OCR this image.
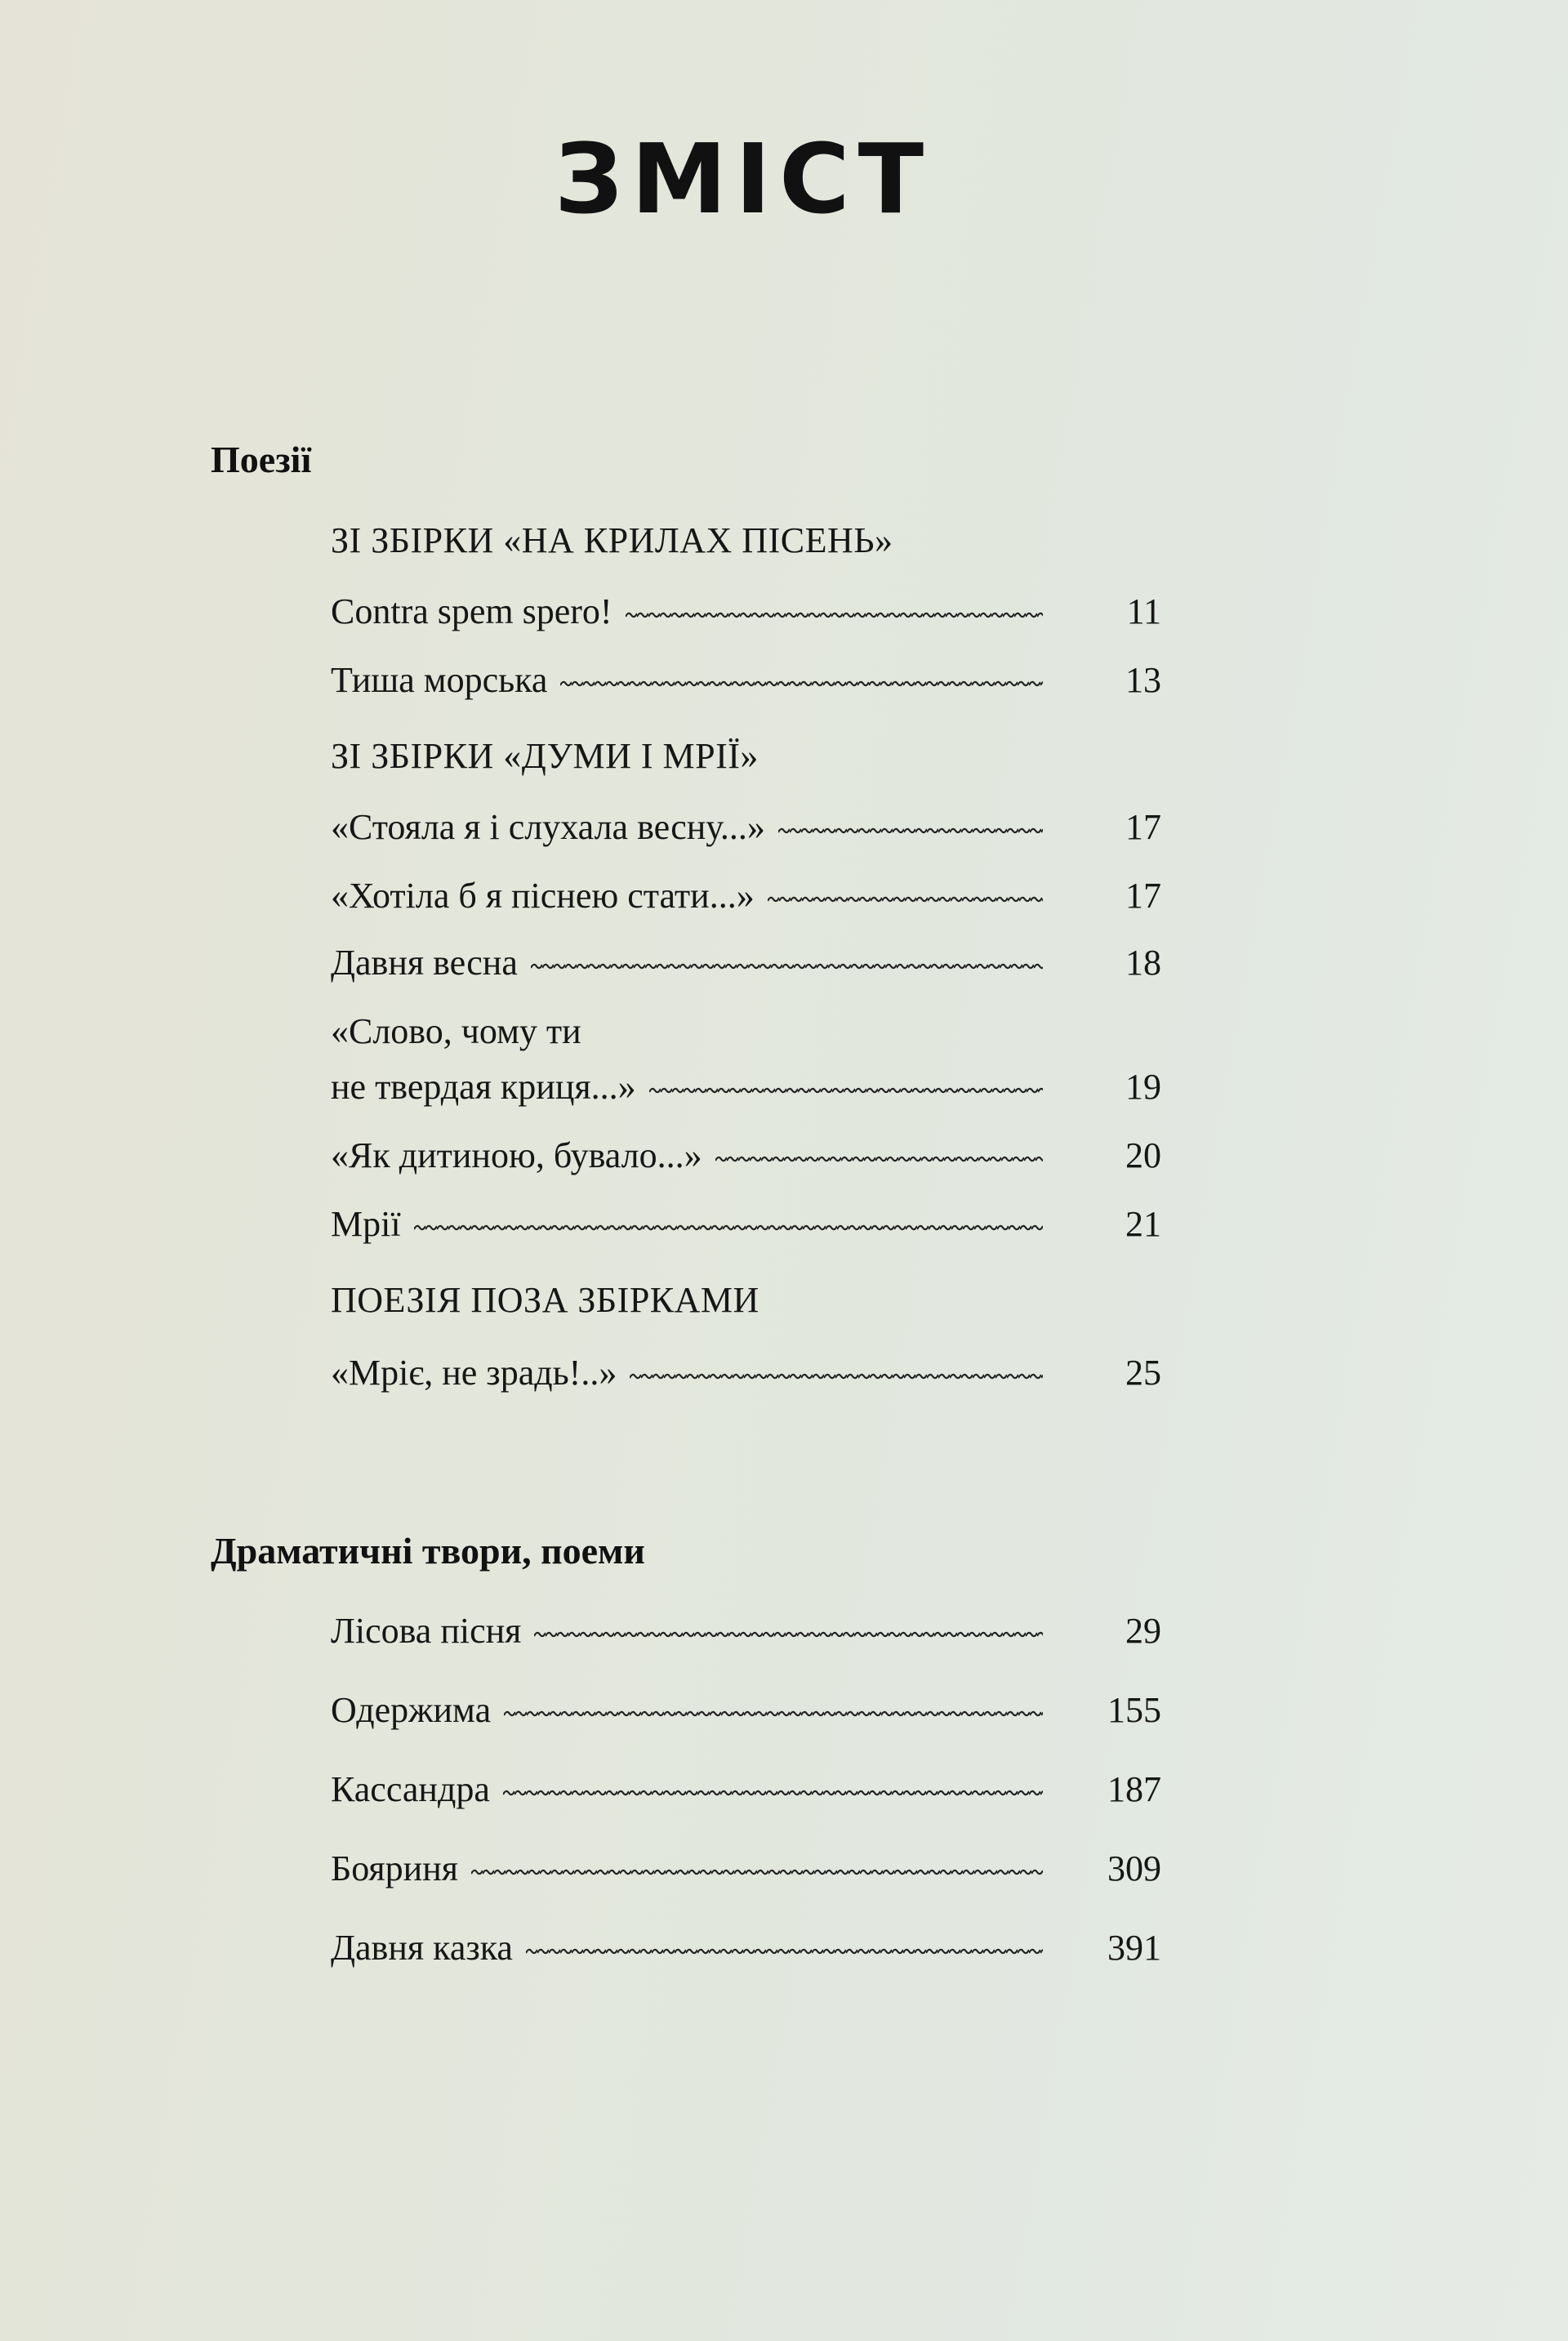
ЗМІСТ
Поезії
ЗІ ЗБІРКИ «НА КРИЛАХ ПІСЕНЬ»
Contra spem spero!	11
Тиша морська	13
ЗІ ЗБІРКИ «ДУМИ І МРІЇ»
«Стояла я і слухала весну...»	17
«Хотіла б я піснею стати...»	17
Давня весна	18
«Слово, чому ти
не твердая криця...»	19
«Як дитиною, бувало...»	20
Мрії	21
ПОЕЗІЯ ПОЗА ЗБІРКАМИ
«Мріє, не зрадь!..»	25
Драматичні твори, поеми
Лісова пісня	29
Одержима	155
Кассандра	187
Бояриня	309
Давня казка	391
